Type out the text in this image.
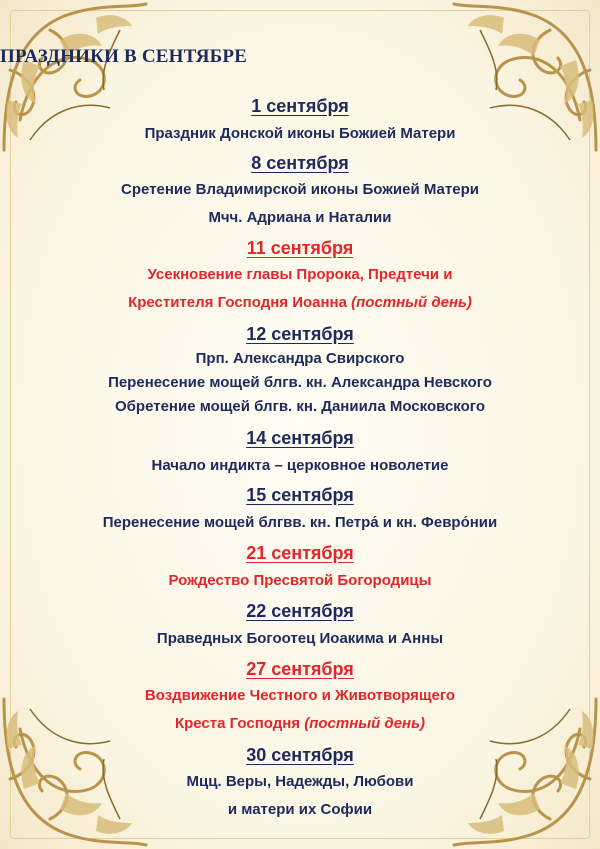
ПРАЗДНИКИ В СЕНТЯБРЕ
1 сентября
Праздник Донской иконы Божией Матери
8 сентября
Сретение Владимирской иконы Божией Матери
Мчч. Адриана и Наталии
11 сентября
Усекновение главы Пророка, Предтечи и
Крестителя Господня Иоанна (постный день)
12 сентября
Прп. Александра Свирского
Перенесение мощей блгв. кн. Александра Невского
Обретение мощей блгв. кн. Даниила Московского
14 сентября
Начало индикта – церковное новолетие
15 сентября
Перенесение мощей блгвв. кн. Петра́ и кн. Февро́нии
21 сентября
Рождество Пресвятой Богородицы
22 сентября
Праведных Богоотец Иоакима и Анны
27 сентября
Воздвижение Честного и Животворящего
Креста Господня (постный день)
30 сентября
Мцц. Веры, Надежды, Любови
и матери их Софии
